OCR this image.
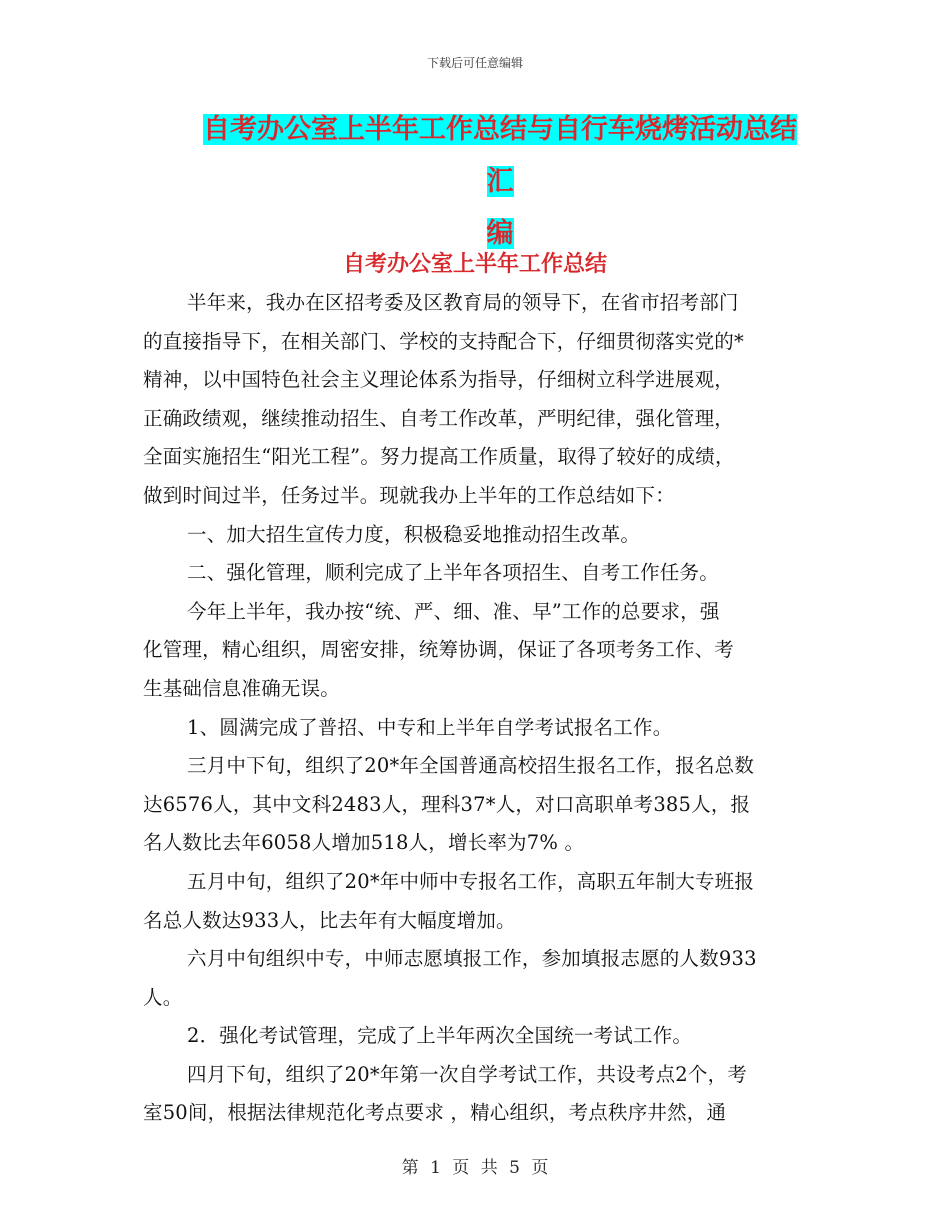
下载后可任意编辑
自考办公室上半年工作总结与自行车烧烤活动总结汇
编
自考办公室上半年工作总结
半年来，我办在区招考委及区教育局的领导下，在省市招考部门
的直接指导下，在相关部门、学校的支持配合下，仔细贯彻落实党的*
精神，以中国特色社会主义理论体系为指导，仔细树立科学进展观，
正确政绩观，继续推动招生、自考工作改革，严明纪律，强化管理，
全面实施招生“阳光工程”。努力提高工作质量，取得了较好的成绩，
做到时间过半，任务过半。现就我办上半年的工作总结如下：
一、加大招生宣传力度，积极稳妥地推动招生改革。
二、强化管理，顺利完成了上半年各项招生、自考工作任务。
今年上半年，我办按“统、严、细、准、早”工作的总要求，强
化管理，精心组织，周密安排，统筹协调，保证了各项考务工作、考
生基础信息准确无误。
1、圆满完成了普招、中专和上半年自学考试报名工作。
三月中下旬，组织了20*年全国普通高校招生报名工作，报名总数
达6576人，其中文科2483人，理科37*人，对口高职单考385人，报
名人数比去年6058人增加518人，增长率为7% 。
五月中旬，组织了20*年中师中专报名工作，高职五年制大专班报
名总人数达933人，比去年有大幅度增加。
六月中旬组织中专，中师志愿填报工作，参加填报志愿的人数933
人。
2．强化考试管理，完成了上半年两次全国统一考试工作。
四月下旬，组织了20*年第一次自学考试工作，共设考点2个，考
室50间，根据法律规范化考点要求 ，精心组织，考点秩序井然，通
第 1 页 共 5 页
